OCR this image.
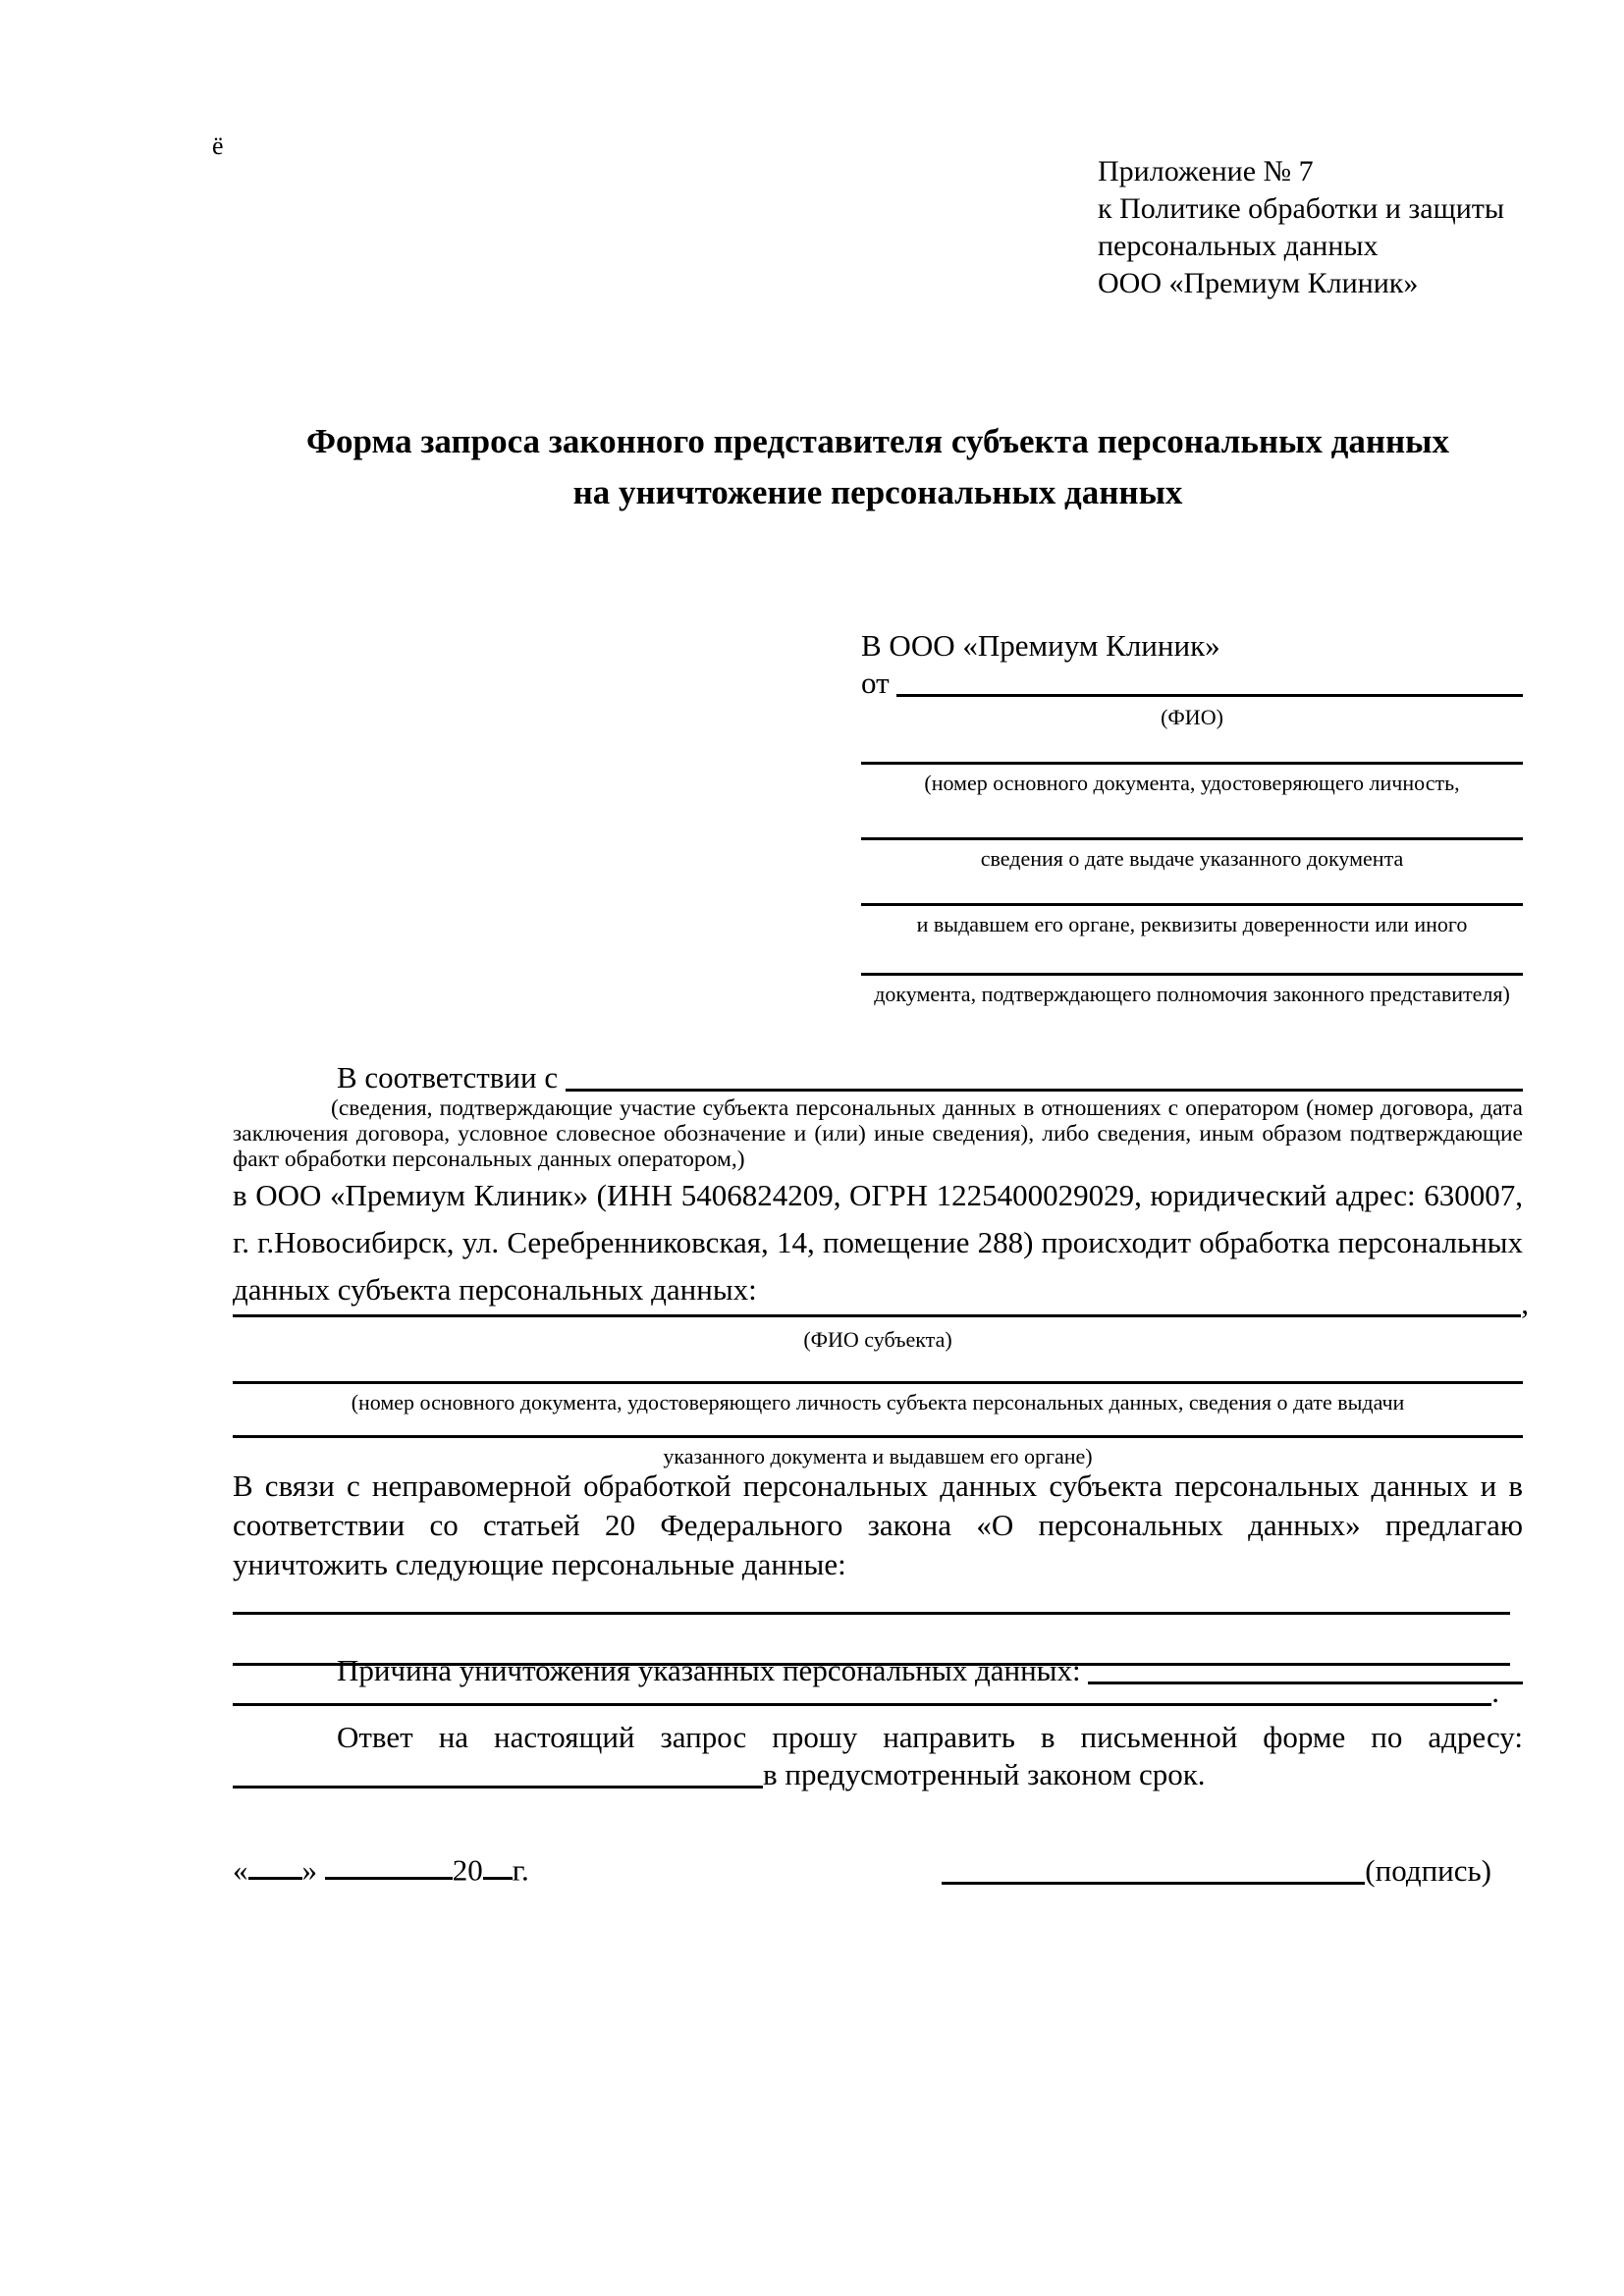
ё
Приложение № 7
к Политике обработки и защиты
персональных данных
ООО «Премиум Клиник»
Форма запроса законного представителя субъекта персональных данных
на уничтожение персональных данных
В ООО «Премиум Клиник»
от
(ФИО)
(номер основного документа, удостоверяющего личность,
сведения о дате выдаче указанного документа
и выдавшем его органе, реквизиты доверенности или иного
документа, подтверждающего полномочия законного представителя)
В соответствии с
(сведения, подтверждающие участие субъекта персональных данных в отношениях с оператором (номер договора, дата заключения договора, условное словесное обозначение и (или) иные сведения), либо сведения, иным образом подтверждающие факт обработки персональных данных оператором,)
в ООО «Премиум Клиник» (ИНН 5406824209, ОГРН 1225400029029, юридический адрес: 630007, г. г.Новосибирск, ул. Серебренниковская, 14, помещение 288) происходит обработка персональных данных субъекта персональных данных:	,
(ФИО субъекта)
(номер основного документа, удостоверяющего личность субъекта персональных данных, сведения о дате выдачи
указанного документа и выдавшем его органе)
В связи с неправомерной обработкой персональных данных субъекта персональных данных и в соответствии со статьей 20 Федерального закона «О персональных данных» предлагаю уничтожить следующие персональные данные:
Причина уничтожения указанных персональных данных:
.
Ответ на настоящий запрос прошу направить в письменной форме по адресу:
в предусмотренный законом срок.
« »	20 г.	(подпись)
